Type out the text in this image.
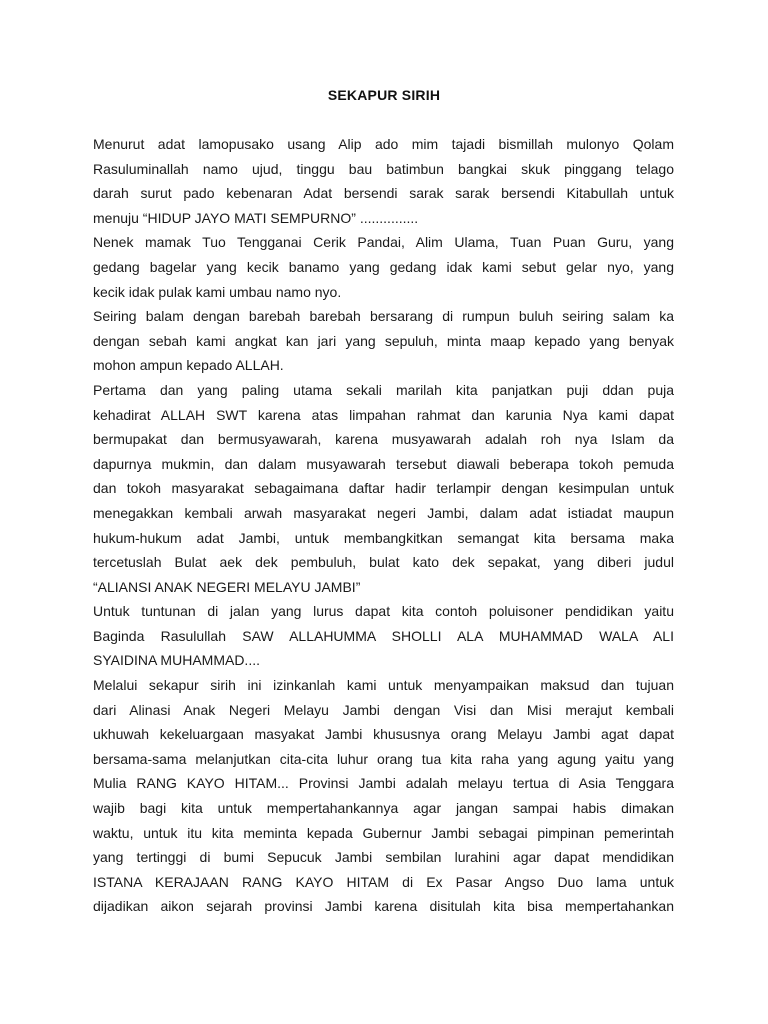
SEKAPUR SIRIH
Menurut adat lamopusako usang Alip ado mim tajadi bismillah mulonyo Qolam
Rasuluminallah namo ujud, tinggu bau batimbun bangkai skuk pinggang telago
darah surut pado kebenaran Adat bersendi sarak sarak bersendi Kitabullah untuk
menuju “HIDUP JAYO MATI SEMPURNO” ...............
Nenek mamak Tuo Tengganai Cerik Pandai, Alim Ulama, Tuan Puan Guru, yang
gedang bagelar yang kecik banamo yang gedang idak kami sebut gelar nyo, yang
kecik idak pulak kami umbau namo nyo.
Seiring balam dengan barebah barebah bersarang di rumpun buluh seiring salam ka
dengan sebah kami angkat kan jari yang sepuluh, minta maap kepado yang benyak
mohon ampun kepado ALLAH.
Pertama dan yang paling utama sekali marilah kita panjatkan puji ddan puja
kehadirat ALLAH SWT karena atas limpahan rahmat dan karunia Nya kami dapat
bermupakat dan bermusyawarah, karena musyawarah adalah roh nya Islam da
dapurnya mukmin, dan dalam musyawarah tersebut diawali beberapa tokoh pemuda
dan tokoh masyarakat sebagaimana daftar hadir terlampir dengan kesimpulan untuk
menegakkan kembali arwah masyarakat negeri Jambi, dalam adat istiadat maupun
hukum-hukum adat Jambi, untuk membangkitkan semangat kita bersama maka
tercetuslah Bulat aek dek pembuluh, bulat kato dek sepakat, yang diberi judul
“ALIANSI ANAK NEGERI MELAYU JAMBI”
Untuk tuntunan di jalan yang lurus dapat kita contoh poluisoner pendidikan yaitu
Baginda Rasulullah SAW ALLAHUMMA SHOLLI ALA MUHAMMAD WALA ALI
SYAIDINA MUHAMMAD....
Melalui sekapur sirih ini izinkanlah kami untuk menyampaikan maksud dan tujuan
dari Alinasi Anak Negeri Melayu Jambi dengan Visi dan Misi merajut kembali
ukhuwah kekeluargaan masyakat Jambi khususnya orang Melayu Jambi agat dapat
bersama-sama melanjutkan cita-cita luhur orang tua kita raha yang agung yaitu yang
Mulia RANG KAYO HITAM... Provinsi Jambi adalah melayu tertua di Asia Tenggara
wajib bagi kita untuk mempertahankannya agar jangan sampai habis dimakan
waktu, untuk itu kita meminta kepada Gubernur Jambi sebagai pimpinan pemerintah
yang tertinggi di bumi Sepucuk Jambi sembilan lurahini agar dapat mendidikan
ISTANA KERAJAAN RANG KAYO HITAM di Ex Pasar Angso Duo lama untuk
dijadikan aikon sejarah provinsi Jambi karena disitulah kita bisa mempertahankan
